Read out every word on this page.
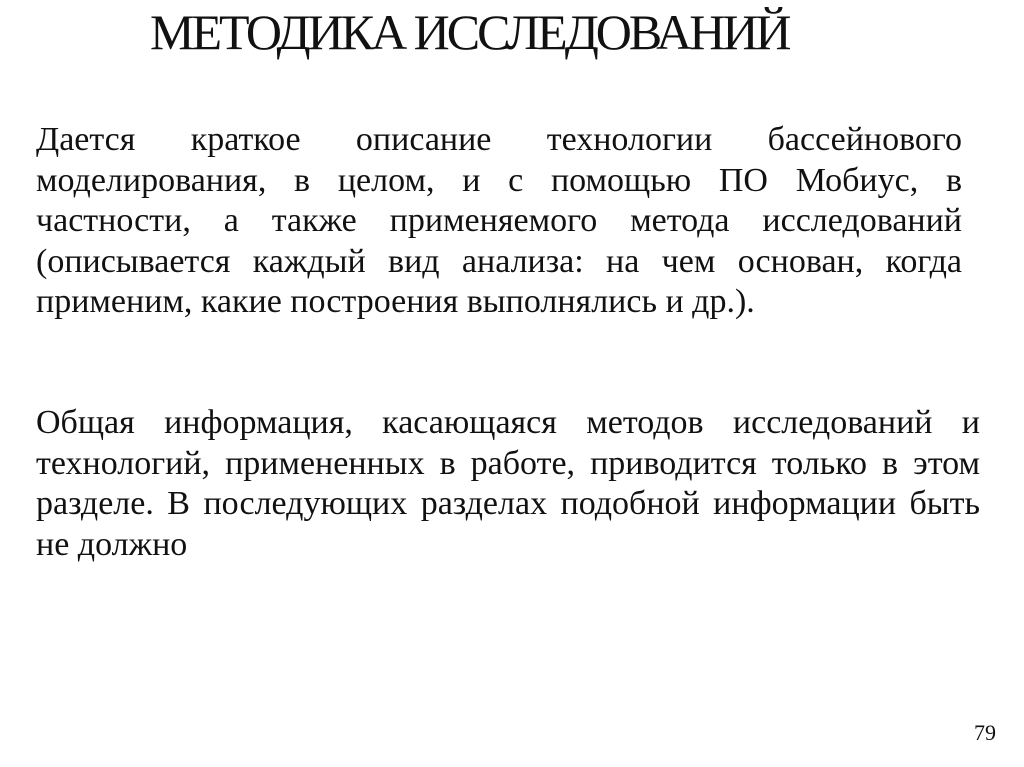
МЕТОДИКА ИССЛЕДОВАНИЙ
Дается краткое описание технологии бассейнового
моделирования, в целом, и с помощью ПО Мобиус, в
частности, а также применяемого метода исследований
(описывается каждый вид анализа: на чем основан, когда
применим, какие построения выполнялись и др.).
Общая информация, касающаяся методов исследований и
технологий, примененных в работе, приводится только в этом
разделе. В последующих разделах подобной информации быть
не должно
79
